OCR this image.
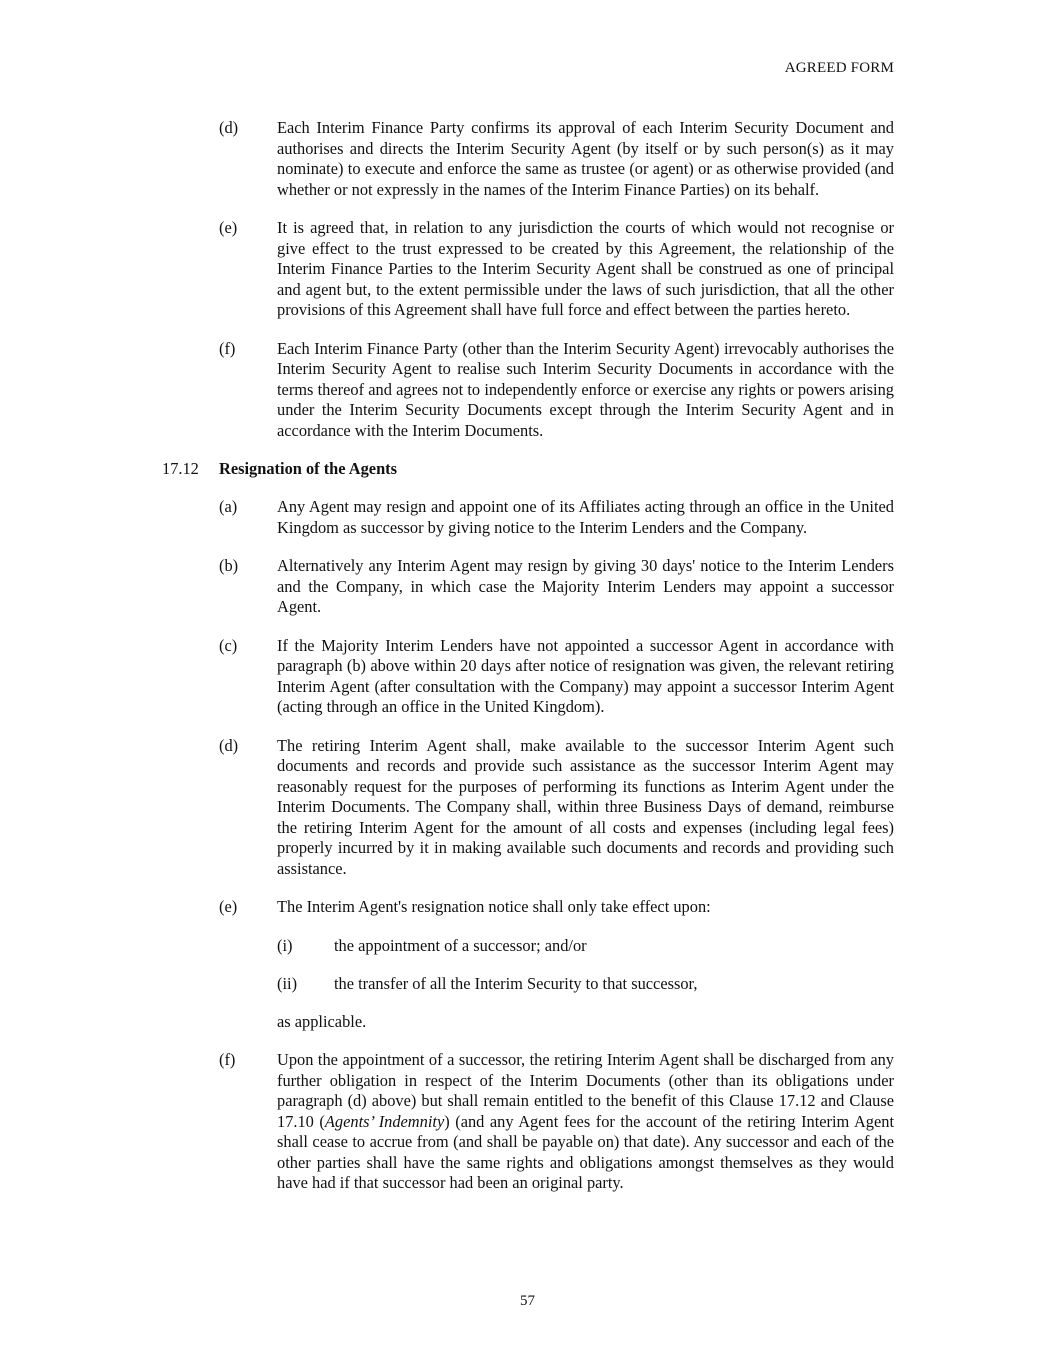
AGREED FORM
(d) Each Interim Finance Party confirms its approval of each Interim Security Document and authorises and directs the Interim Security Agent (by itself or by such person(s) as it may nominate) to execute and enforce the same as trustee (or agent) or as otherwise provided (and whether or not expressly in the names of the Interim Finance Parties) on its behalf.
(e) It is agreed that, in relation to any jurisdiction the courts of which would not recognise or give effect to the trust expressed to be created by this Agreement, the relationship of the Interim Finance Parties to the Interim Security Agent shall be construed as one of principal and agent but, to the extent permissible under the laws of such jurisdiction, that all the other provisions of this Agreement shall have full force and effect between the parties hereto.
(f)	Each Interim Finance Party (other than the Interim Security Agent) irrevocably authorises the Interim Security Agent to realise such Interim Security Documents in accordance with the terms thereof and agrees not to independently enforce or exercise any rights or powers arising under the Interim Security Documents except through the Interim Security Agent and in accordance with the Interim Documents.
17.12 Resignation of the Agents
(a) Any Agent may resign and appoint one of its Affiliates acting through an office in the United Kingdom as successor by giving notice to the Interim Lenders and the Company.
(b) Alternatively any Interim Agent may resign by giving 30 days' notice to the Interim Lenders and the Company, in which case the Majority Interim Lenders may appoint a successor Agent.
(c) If the Majority Interim Lenders have not appointed a successor Agent in accordance with paragraph (b) above within 20 days after notice of resignation was given, the relevant retiring Interim Agent (after consultation with the Company) may appoint a successor Interim Agent (acting through an office in the United Kingdom).
(d) The retiring Interim Agent shall, make available to the successor Interim Agent such documents and records and provide such assistance as the successor Interim Agent may reasonably request for the purposes of performing its functions as Interim Agent under the Interim Documents. The Company shall, within three Business Days of demand, reimburse the retiring Interim Agent for the amount of all costs and expenses (including legal fees) properly incurred by it in making available such documents and records and providing such assistance.
(e) The Interim Agent's resignation notice shall only take effect upon:
(i)	the appointment of a successor; and/or
(ii) the transfer of all the Interim Security to that successor,
as applicable.
(f)	Upon the appointment of a successor, the retiring Interim Agent shall be discharged from any further obligation in respect of the Interim Documents (other than its obligations under paragraph (d) above) but shall remain entitled to the benefit of this Clause 17.12 and Clause 17.10 (Agents’ Indemnity) (and any Agent fees for the account of the retiring Interim Agent shall cease to accrue from (and shall be payable on) that date). Any successor and each of the other parties shall have the same rights and obligations amongst themselves as they would have had if that successor had been an original party.
57
